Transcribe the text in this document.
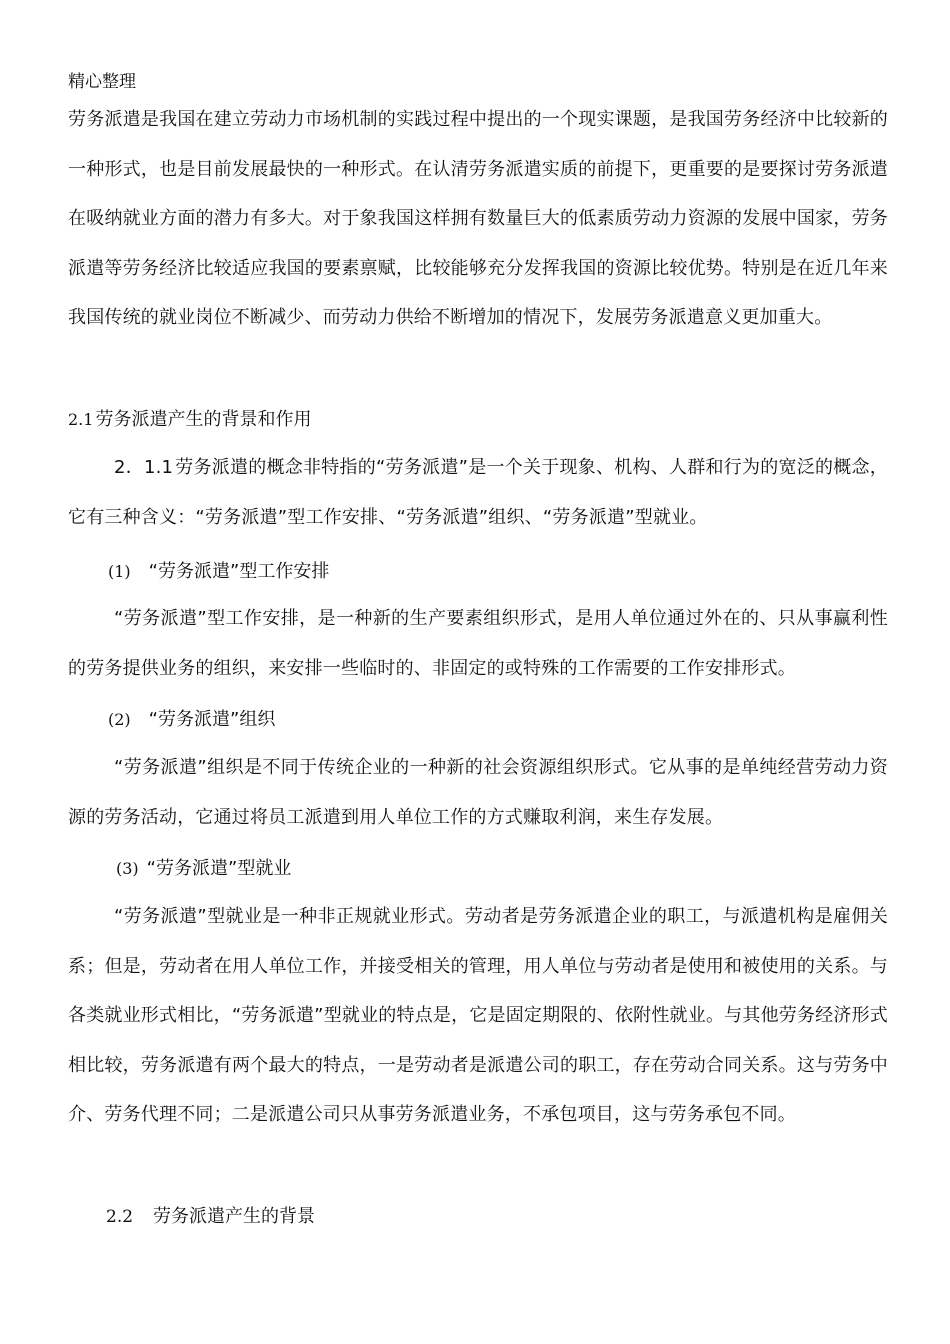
精心整理
劳务派遣是我国在建立劳动力市场机制的实践过程中提出的一个现实课题，是我国劳务经济中比较新的一种形式，也是目前发展最快的一种形式。在认清劳务派遣实质的前提下，更重要的是要探讨劳务派遣在吸纳就业方面的潜力有多大。对于象我国这样拥有数量巨大的低素质劳动力资源的发展中国家，劳务派遣等劳务经济比较适应我国的要素禀赋，比较能够充分发挥我国的资源比较优势。特别是在近几年来我国传统的就业岗位不断减少、而劳动力供给不断增加的情况下，发展劳务派遣意义更加重大。
2.1 劳务派遣产生的背景和作用
2．1.1 劳务派遣的概念非特指的“劳务派遣”是一个关于现象、机构、人群和行为的宽泛的概念，它有三种含义：“劳务派遣”型工作安排、“劳务派遣”组织、“劳务派遣”型就业。
(1) “劳务派遣”型工作安排
“劳务派遣”型工作安排，是一种新的生产要素组织形式，是用人单位通过外在的、只从事赢利性的劳务提供业务的组织，来安排一些临时的、非固定的或特殊的工作需要的工作安排形式。
(2) “劳务派遣”组织
“劳务派遣”组织是不同于传统企业的一种新的社会资源组织形式。它从事的是单纯经营劳动力资源的劳务活动，它通过将员工派遣到用人单位工作的方式赚取利润，来生存发展。
(3) “劳务派遣”型就业
“劳务派遣”型就业是一种非正规就业形式。劳动者是劳务派遣企业的职工，与派遣机构是雇佣关系；但是，劳动者在用人单位工作，并接受相关的管理，用人单位与劳动者是使用和被使用的关系。与各类就业形式相比，“劳务派遣”型就业的特点是，它是固定期限的、依附性就业。与其他劳务经济形式相比较，劳务派遣有两个最大的特点，一是劳动者是派遣公司的职工，存在劳动合同关系。这与劳务中介、劳务代理不同；二是派遣公司只从事劳务派遣业务，不承包项目，这与劳务承包不同。
2.2 劳务派遣产生的背景
